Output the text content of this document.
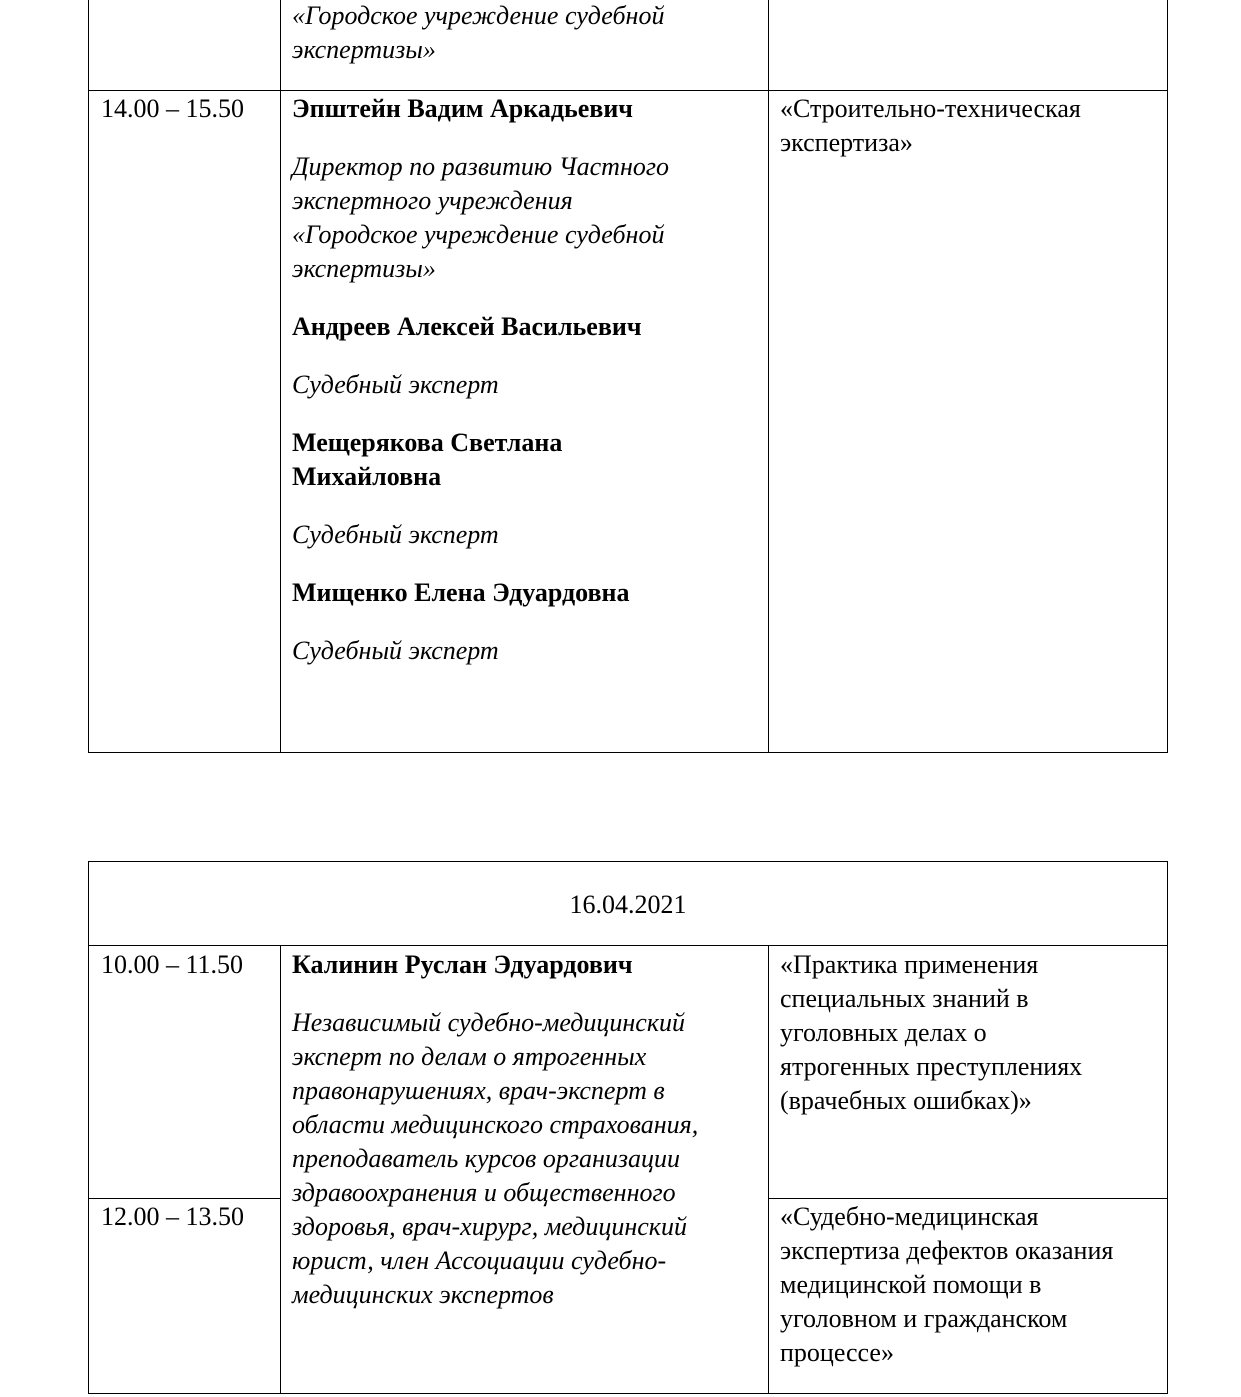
«Городское учреждение судебной
экспертизы»
14.00 – 15.50 Эпштейн Вадим Аркадьевич
Директор по развитию Частного
экспертного учреждения
«Городское учреждение судебной
экспертизы»
Андреев Алексей Васильевич
Судебный эксперт
Мещерякова Светлана
Михайловна
Судебный эксперт
Мищенко Елена Эдуардовна
Судебный эксперт
«Строительно-техническая
экспертиза»
16.04.2021
10.00 – 11.50
12.00 – 13.50
Калинин Руслан Эдуардович
Независимый судебно-медицинский
эксперт по делам о ятрогенных
правонарушениях, врач-эксперт в
области медицинского страхования,
преподаватель курсов организации
здравоохранения и общественного
здоровья, врач-хирург, медицинский
юрист, член Ассоциации судебно-
медицинских экспертов
«Практика применения
специальных знаний в
уголовных делах о
ятрогенных преступлениях
(врачебных ошибках)»
«Судебно-медицинская
экспертиза дефектов оказания
медицинской помощи в
уголовном и гражданском
процессе»
